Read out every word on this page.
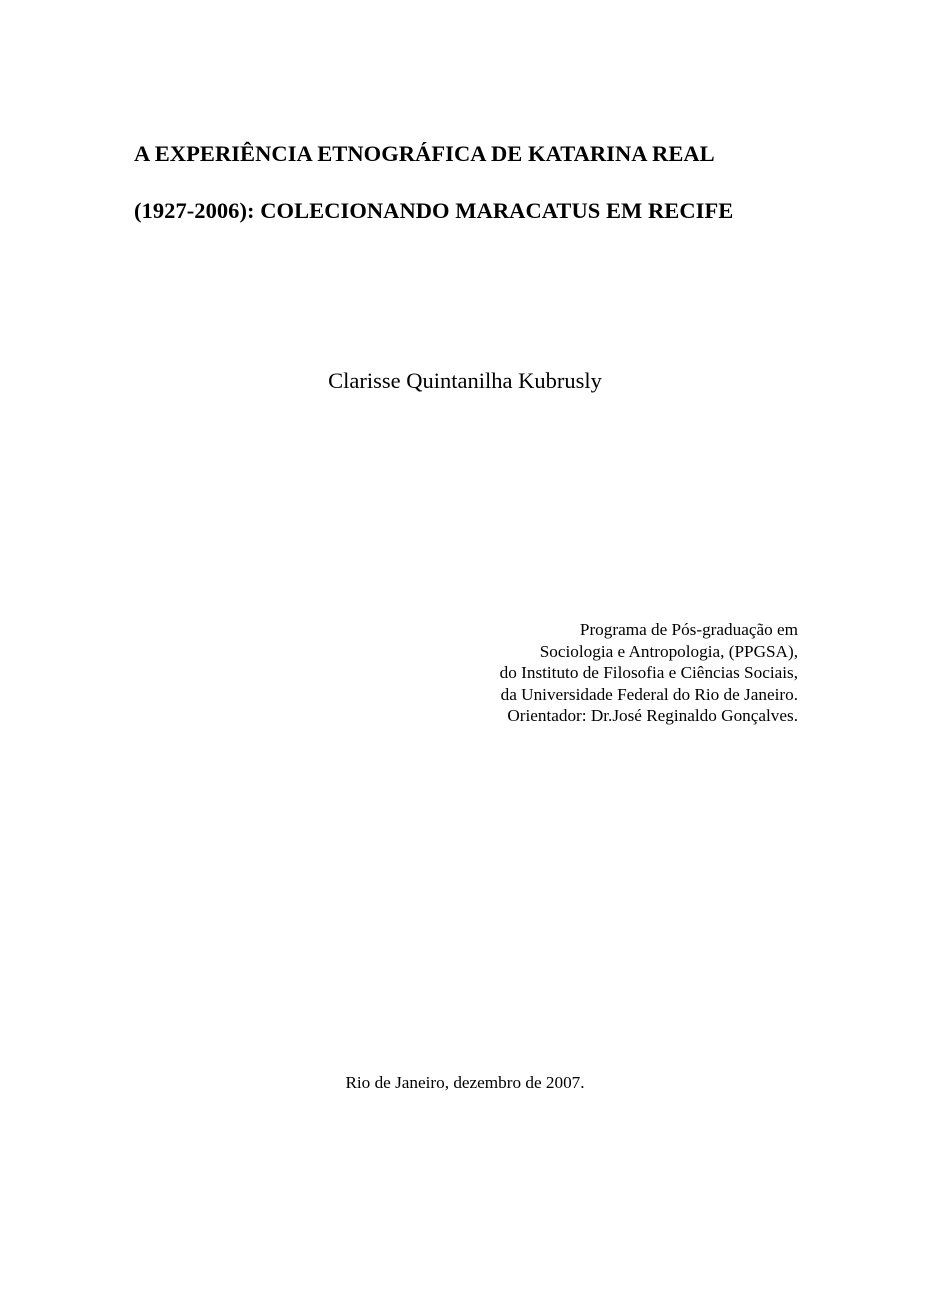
A EXPERIÊNCIA ETNOGRÁFICA DE KATARINA REAL
(1927-2006): COLECIONANDO MARACATUS EM RECIFE
Clarisse Quintanilha Kubrusly
Programa de Pós-graduação em
Sociologia e Antropologia, (PPGSA),
do Instituto de Filosofia e Ciências Sociais,
da Universidade Federal do Rio de Janeiro.
Orientador: Dr.José Reginaldo Gonçalves.
Rio de Janeiro, dezembro de 2007.
